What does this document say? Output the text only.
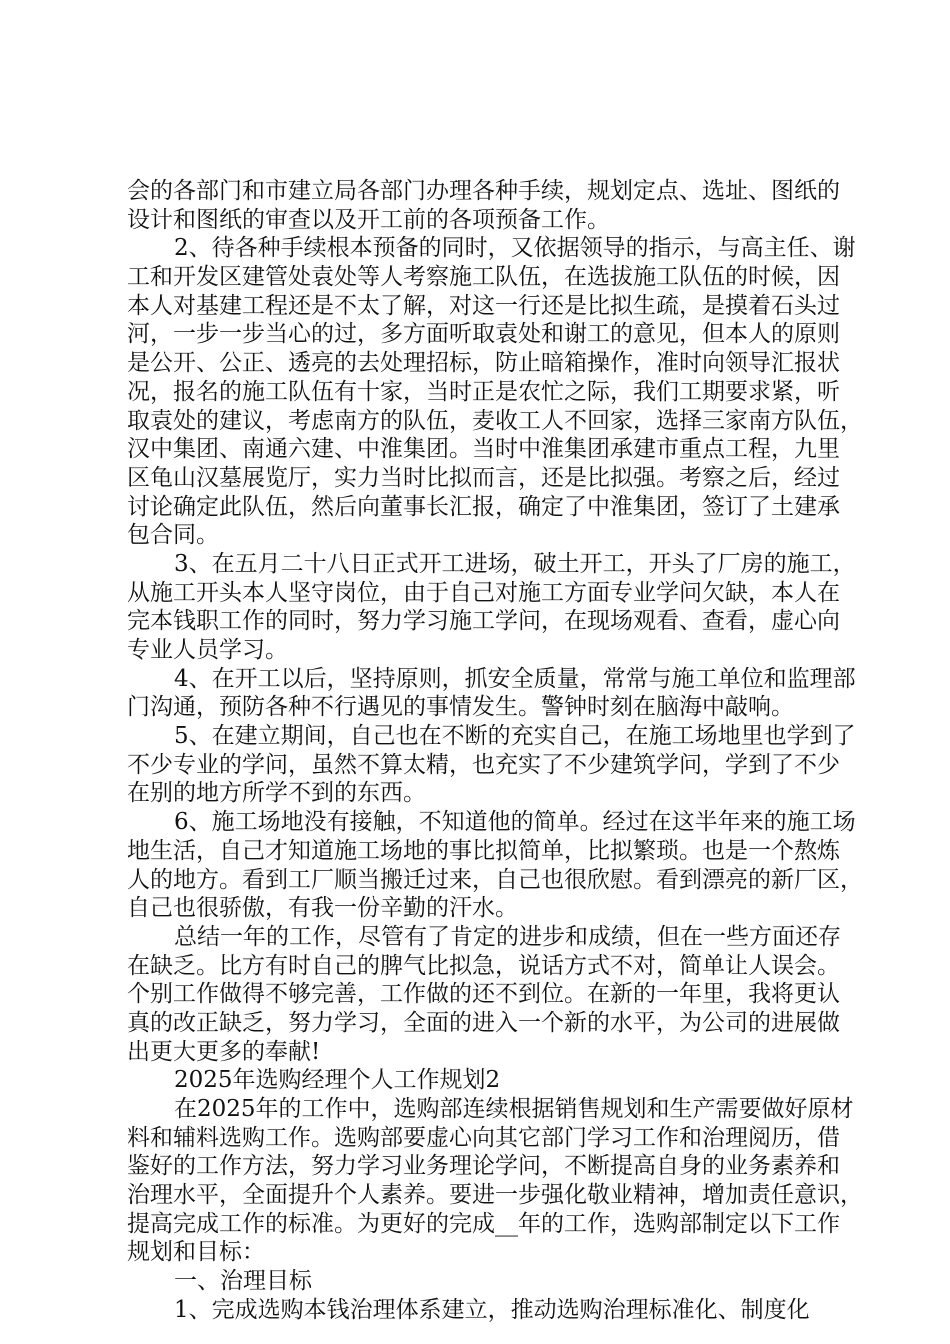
会的各部门和市建立局各部门办理各种手续，规划定点、选址、图纸的
设计和图纸的审查以及开工前的各项预备工作。
2、待各种手续根本预备的同时，又依据领导的指示，与高主任、谢
工和开发区建管处袁处等人考察施工队伍，在选拔施工队伍的时候，因
本人对基建工程还是不太了解，对这一行还是比拟生疏，是摸着石头过
河，一步一步当心的过，多方面听取袁处和谢工的意见，但本人的原则
是公开、公正、透亮的去处理招标，防止暗箱操作，准时向领导汇报状
况，报名的施工队伍有十家，当时正是农忙之际，我们工期要求紧，听
取袁处的建议，考虑南方的队伍，麦收工人不回家，选择三家南方队伍，
汉中集团、南通六建、中淮集团。当时中淮集团承建市重点工程，九里
区龟山汉墓展览厅，实力当时比拟而言，还是比拟强。考察之后，经过
讨论确定此队伍，然后向董事长汇报，确定了中淮集团，签订了土建承
包合同。
3、在五月二十八日正式开工进场，破土开工，开头了厂房的施工，
从施工开头本人坚守岗位，由于自己对施工方面专业学问欠缺，本人在
完本钱职工作的同时，努力学习施工学问，在现场观看、查看，虚心向
专业人员学习。
4、在开工以后，坚持原则，抓安全质量，常常与施工单位和监理部
门沟通，预防各种不行遇见的事情发生。警钟时刻在脑海中敲响。
5、在建立期间，自己也在不断的充实自己，在施工场地里也学到了
不少专业的学问，虽然不算太精，也充实了不少建筑学问，学到了不少
在别的地方所学不到的东西。
6、施工场地没有接触，不知道他的简单。经过在这半年来的施工场
地生活，自己才知道施工场地的事比拟简单，比拟繁琐。也是一个熬炼
人的地方。看到工厂顺当搬迁过来，自己也很欣慰。看到漂亮的新厂区，
自己也很骄傲，有我一份辛勤的汗水。
总结一年的工作，尽管有了肯定的进步和成绩，但在一些方面还存
在缺乏。比方有时自己的脾气比拟急，说话方式不对，简单让人误会。
个别工作做得不够完善，工作做的还不到位。在新的一年里，我将更认
真的改正缺乏，努力学习，全面的进入一个新的水平，为公司的进展做
出更大更多的奉献!
2025年选购经理个人工作规划2
在2025年的工作中，选购部连续根据销售规划和生产需要做好原材
料和辅料选购工作。选购部要虚心向其它部门学习工作和治理阅历，借
鉴好的工作方法，努力学习业务理论学问，不断提高自身的业务素养和
治理水平，全面提升个人素养。要进一步强化敬业精神，增加责任意识，
提高完成工作的标准。为更好的完成__年的工作，选购部制定以下工作
规划和目标：
一、治理目标
1、完成选购本钱治理体系建立，推动选购治理标准化、制度化
